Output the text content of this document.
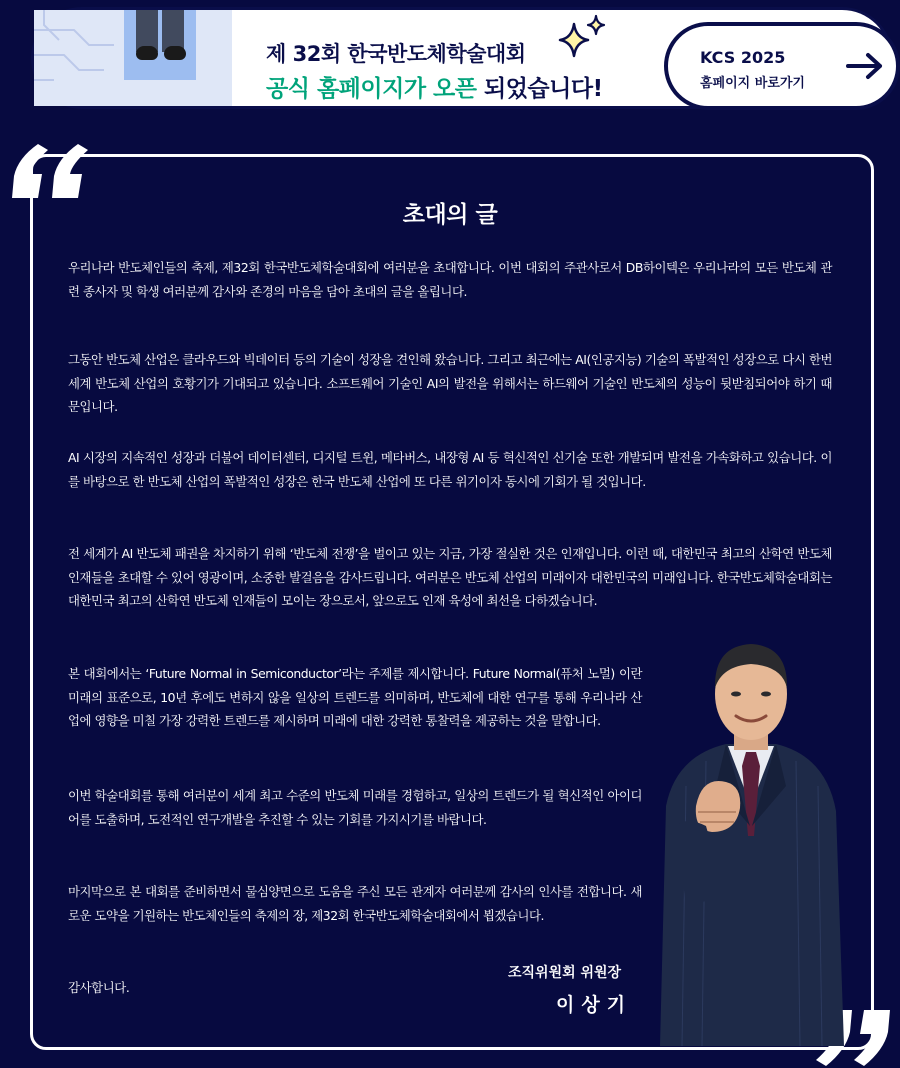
제 32회 한국반도체학술대회
공식 홈페이지가 오픈 되었습니다!
KCS 2025
홈페이지 바로가기
초대의 글
우리나라 반도체인들의 축제, 제32회 한국반도체학술대회에 여러분을 초대합니다. 이번 대회의 주관사로서 DB하이텍은 우리나라의 모든 반도체 관련 종사자 및 학생 여러분께 감사와 존경의 마음을 담아 초대의 글을 올립니다.
그동안 반도체 산업은 클라우드와 빅데이터 등의 기술이 성장을 견인해 왔습니다. 그리고 최근에는 AI(인공지능) 기술의 폭발적인 성장으로 다시 한번 세계 반도체 산업의 호황기가 기대되고 있습니다. 소프트웨어 기술인 AI의 발전을 위해서는 하드웨어 기술인 반도체의 성능이 뒷받침되어야 하기 때문입니다.
AI 시장의 지속적인 성장과 더불어 데이터센터, 디지털 트윈, 메타버스, 내장형 AI 등 혁신적인 신기술 또한 개발되며 발전을 가속화하고 있습니다. 이를 바탕으로 한 반도체 산업의 폭발적인 성장은 한국 반도체 산업에 또 다른 위기이자 동시에 기회가 될 것입니다.
전 세계가 AI 반도체 패권을 차지하기 위해 ‘반도체 전쟁’을 벌이고 있는 지금, 가장 절실한 것은 인재입니다. 이런 때, 대한민국 최고의 산학연 반도체 인재들을 초대할 수 있어 영광이며, 소중한 발걸음을 감사드립니다. 여러분은 반도체 산업의 미래이자 대한민국의 미래입니다. 한국반도체학술대회는 대한민국 최고의 산학연 반도체 인재들이 모이는 장으로서, 앞으로도 인재 육성에 최선을 다하겠습니다.
본 대회에서는 ‘Future Normal in Semiconductor’라는 주제를 제시합니다. Future Normal(퓨처 노멀) 이란 미래의 표준으로, 10년 후에도 변하지 않을 일상의 트렌드를 의미하며, 반도체에 대한 연구를 통해 우리나라 산업에 영향을 미칠 가장 강력한 트렌드를 제시하며 미래에 대한 강력한 통찰력을 제공하는 것을 말합니다.
이번 학술대회를 통해 여러분이 세계 최고 수준의 반도체 미래를 경험하고, 일상의 트렌드가 될 혁신적인 아이디어를 도출하며, 도전적인 연구개발을 추진할 수 있는 기회를 가지시기를 바랍니다.
마지막으로 본 대회를 준비하면서 물심양면으로 도움을 주신 모든 관계자 여러분께 감사의 인사를 전합니다. 새로운 도약을 기원하는 반도체인들의 축제의 장, 제32회 한국반도체학술대회에서 뵙겠습니다.
감사합니다.
조직위원회 위원장
이상기
